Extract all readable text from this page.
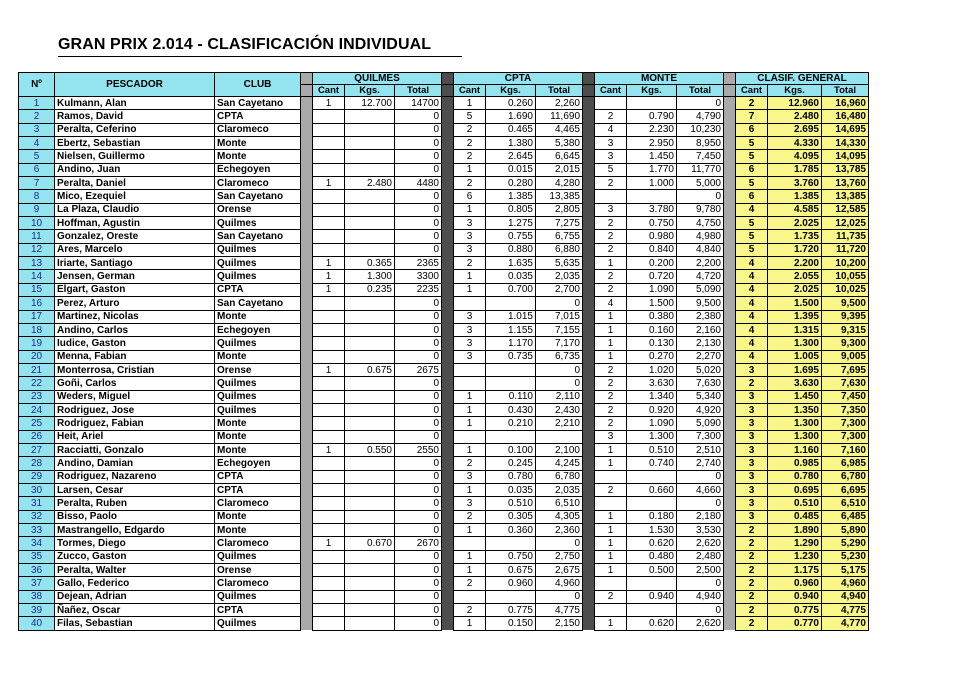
GRAN PRIX 2.014 - CLASIFICACIÓN INDIVIDUAL
Nº	PESCADOR	CLUB		QUILMES				CPTA				MONTE				CLASIF. GENERAL		
				Cant	Kgs.	Total		Cant	Kgs.	Total		Cant	Kgs.	Total		Cant	Kgs.	Total
1	Kulmann, Alan	San Cayetano		1	12.700	14700		1	0.260	2,260				0		2	12.960	16,960
2	Ramos, David	CPTA				0		5	1.690	11,690		2	0.790	4,790		7	2.480	16,480
3	Peralta, Ceferino	Claromeco				0		2	0.465	4,465		4	2.230	10,230		6	2.695	14,695
4	Ebertz, Sebastian	Monte				0		2	1.380	5,380		3	2.950	8,950		5	4.330	14,330
5	Nielsen, Guillermo	Monte				0		2	2.645	6,645		3	1.450	7,450		5	4.095	14,095
6	Andino, Juan	Echegoyen				0		1	0.015	2,015		5	1.770	11,770		6	1.785	13,785
7	Peralta, Daniel	Claromeco		1	2.480	4480		2	0.280	4,280		2	1.000	5,000		5	3.760	13,760
8	Mico, Ezequiel	San Cayetano				0		6	1.385	13,385				0		6	1.385	13,385
9	La Plaza, Claudio	Orense				0		1	0.805	2,805		3	3.780	9,780		4	4.585	12,585
10	Hoffman, Agustin	Quilmes				0		3	1.275	7,275		2	0.750	4,750		5	2.025	12,025
11	Gonzalez, Oreste	San Cayetano				0		3	0.755	6,755		2	0.980	4,980		5	1.735	11,735
12	Ares, Marcelo	Quilmes				0		3	0.880	6,880		2	0.840	4,840		5	1.720	11,720
13	Iriarte, Santiago	Quilmes		1	0.365	2365		2	1.635	5,635		1	0.200	2,200		4	2.200	10,200
14	Jensen, German	Quilmes		1	1.300	3300		1	0.035	2,035		2	0.720	4,720		4	2.055	10,055
15	Elgart, Gaston	CPTA		1	0.235	2235		1	0.700	2,700		2	1.090	5,090		4	2.025	10,025
16	Perez, Arturo	San Cayetano				0				0		4	1.500	9,500		4	1.500	9,500
17	Martinez, Nicolas	Monte				0		3	1.015	7,015		1	0.380	2,380		4	1.395	9,395
18	Andino, Carlos	Echegoyen				0		3	1.155	7,155		1	0.160	2,160		4	1.315	9,315
19	Iudice, Gaston	Quilmes				0		3	1.170	7,170		1	0.130	2,130		4	1.300	9,300
20	Menna, Fabian	Monte				0		3	0.735	6,735		1	0.270	2,270		4	1.005	9,005
21	Monterrosa, Cristian	Orense		1	0.675	2675				0		2	1.020	5,020		3	1.695	7,695
22	Goñi, Carlos	Quilmes				0				0		2	3.630	7,630		2	3.630	7,630
23	Weders, Miguel	Quilmes				0		1	0.110	2,110		2	1.340	5,340		3	1.450	7,450
24	Rodriguez, Jose	Quilmes				0		1	0.430	2,430		2	0.920	4,920		3	1.350	7,350
25	Rodriguez, Fabian	Monte				0		1	0.210	2,210		2	1.090	5,090		3	1.300	7,300
26	Heit, Ariel	Monte				0						3	1.300	7,300		3	1.300	7,300
27	Racciatti, Gonzalo	Monte		1	0.550	2550		1	0.100	2,100		1	0.510	2,510		3	1.160	7,160
28	Andino, Damian	Echegoyen				0		2	0.245	4,245		1	0.740	2,740		3	0.985	6,985
29	Rodriguez, Nazareno	CPTA				0		3	0.780	6,780				0		3	0.780	6,780
30	Larsen, Cesar	CPTA				0		1	0.035	2,035		2	0.660	4,660		3	0.695	6,695
31	Peralta, Ruben	Claromeco				0		3	0.510	6,510				0		3	0.510	6,510
32	Bisso, Paolo	Monte				0		2	0.305	4,305		1	0.180	2,180		3	0.485	6,485
33	Mastrangello, Edgardo	Monte				0		1	0.360	2,360		1	1.530	3,530		2	1.890	5,890
34	Tormes, Diego	Claromeco		1	0.670	2670				0		1	0.620	2,620		2	1.290	5,290
35	Zucco, Gaston	Quilmes				0		1	0.750	2,750		1	0.480	2,480		2	1.230	5,230
36	Peralta, Walter	Orense				0		1	0.675	2,675		1	0.500	2,500		2	1.175	5,175
37	Gallo, Federico	Claromeco				0		2	0.960	4,960				0		2	0.960	4,960
38	Dejean, Adrian	Quilmes				0				0		2	0.940	4,940		2	0.940	4,940
39	Ñañez, Oscar	CPTA				0		2	0.775	4,775				0		2	0.775	4,775
40	Filas, Sebastian	Quilmes				0		1	0.150	2,150		1	0.620	2,620		2	0.770	4,770
